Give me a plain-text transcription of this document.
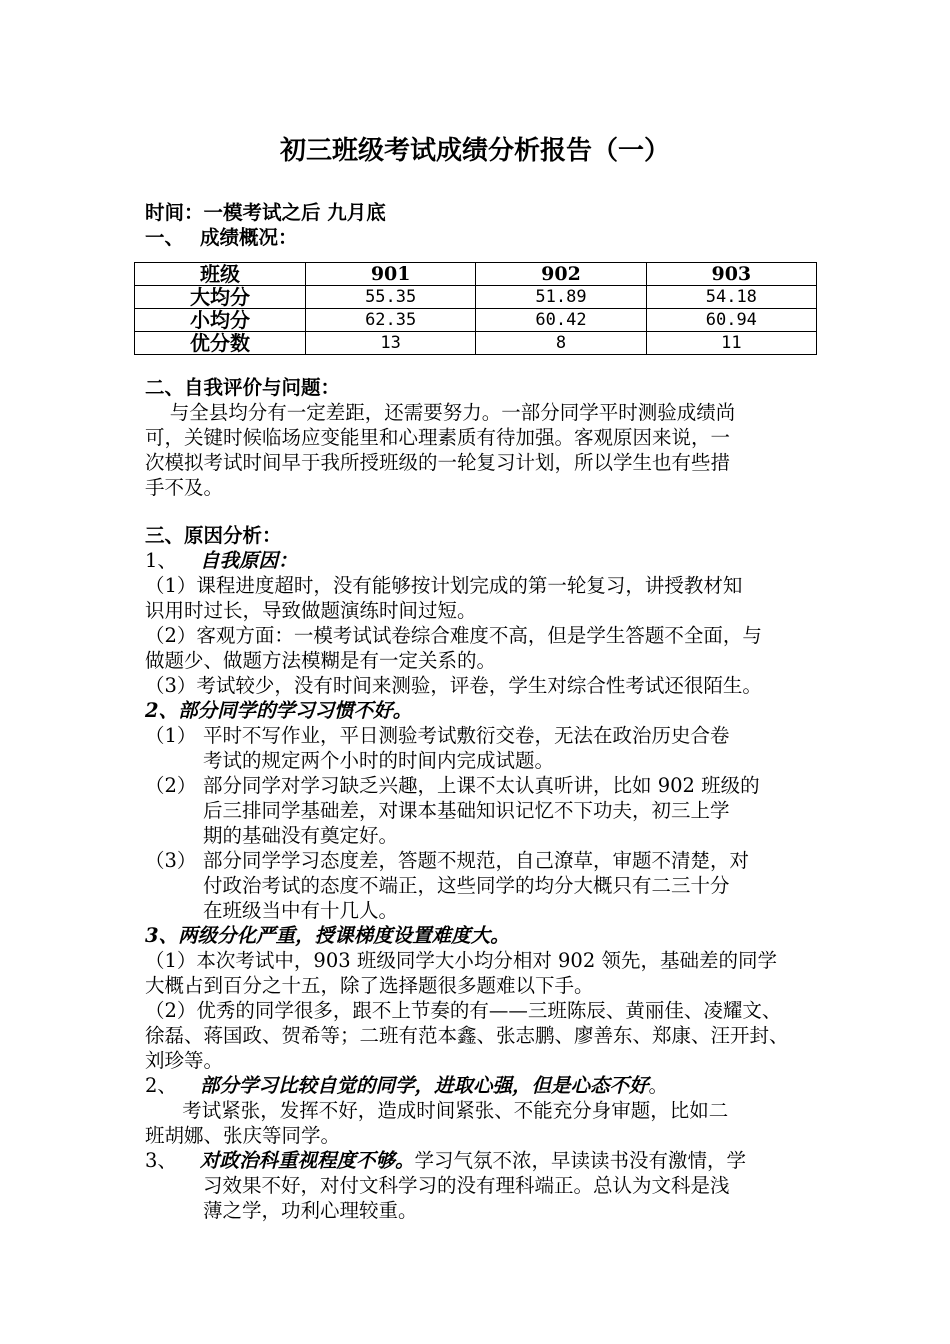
初三班级考试成绩分析报告（一）
时间：一模考试之后 九月底
一、 成绩概况：
班级	901	902	903
大均分	55.35	51.89	54.18
小均分	62.35	60.42	60.94
优分数	13	8	11
二、自我评价与问题：
与全县均分有一定差距，还需要努力。一部分同学平时测验成绩尚
可，关键时候临场应变能里和心理素质有待加强。客观原因来说，一
次模拟考试时间早于我所授班级的一轮复习计划，所以学生也有些措
手不及。
三、原因分析：
1、 自我原因：
（1）课程进度超时，没有能够按计划完成的第一轮复习，讲授教材知
识用时过长，导致做题演练时间过短。
（2）客观方面：一模考试试卷综合难度不高，但是学生答题不全面，与
做题少、做题方法模糊是有一定关系的。
（3）考试较少，没有时间来测验，评卷，学生对综合性考试还很陌生。
2、部分同学的学习习惯不好。
（1） 平时不写作业，平日测验考试敷衍交卷，无法在政治历史合卷
考试的规定两个小时的时间内完成试题。
（2） 部分同学对学习缺乏兴趣，上课不太认真听讲，比如 902 班级的
后三排同学基础差，对课本基础知识记忆不下功夫，初三上学
期的基础没有奠定好。
（3） 部分同学学习态度差，答题不规范，自己潦草，审题不清楚，对
付政治考试的态度不端正，这些同学的均分大概只有二三十分
在班级当中有十几人。
3、两级分化严重，授课梯度设置难度大。
（1）本次考试中，903 班级同学大小均分相对 902 领先，基础差的同学
大概占到百分之十五，除了选择题很多题难以下手。
（2）优秀的同学很多，跟不上节奏的有——三班陈辰、黄丽佳、凌耀文、
徐磊、蒋国政、贺希等；二班有范本鑫、张志鹏、廖善东、郑康、汪开封、
刘珍等。
2、 部分学习比较自觉的同学，进取心强，但是心态不好。
考试紧张，发挥不好，造成时间紧张、不能充分身审题，比如二
班胡娜、张庆等同学。
3、 对政治科重视程度不够。学习气氛不浓，早读读书没有激情，学
习效果不好，对付文科学习的没有理科端正。总认为文科是浅
薄之学，功利心理较重。
